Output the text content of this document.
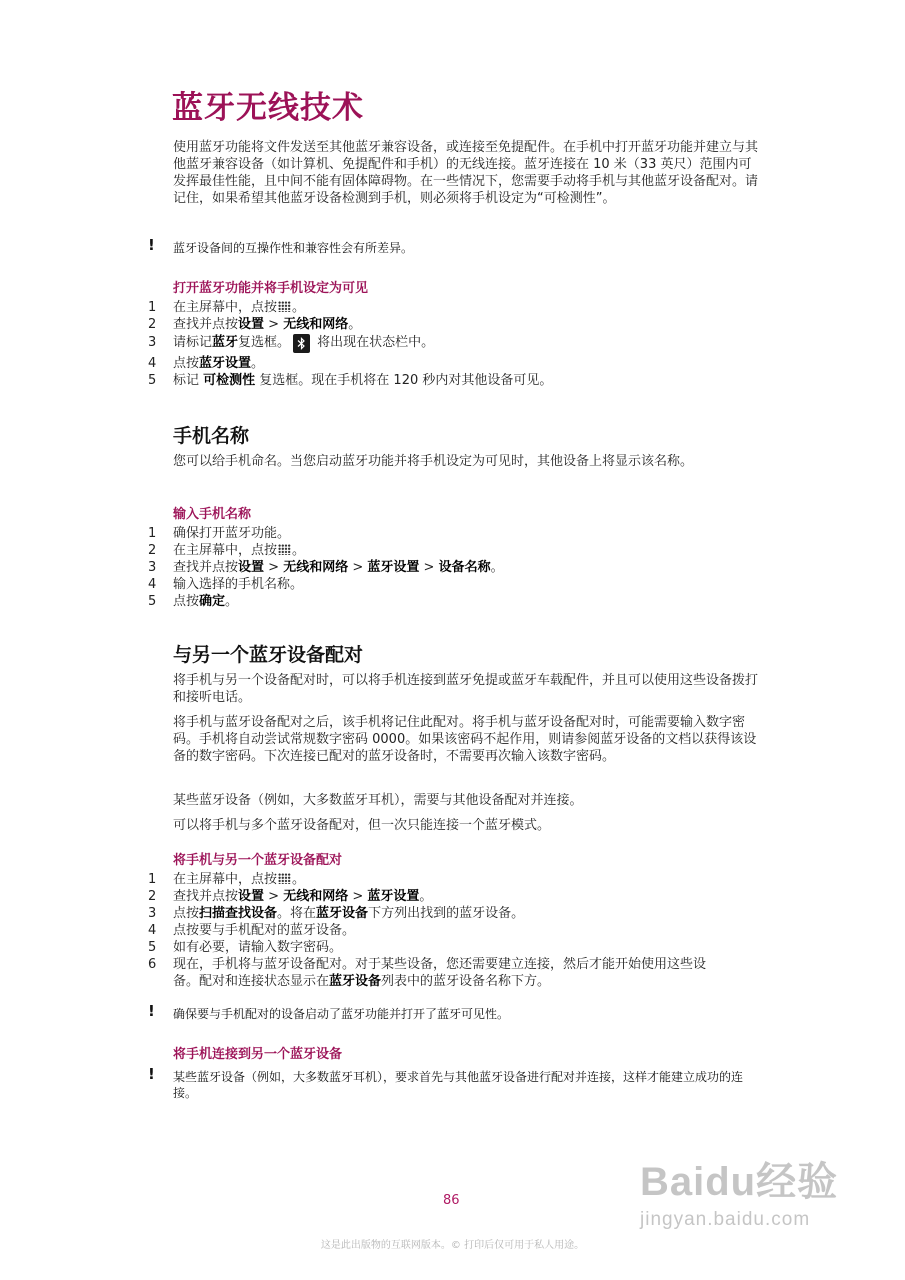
蓝牙无线技术
使用蓝牙功能将文件发送至其他蓝牙兼容设备，或连接至免提配件。在手机中打开蓝牙功能并建立与其他蓝牙兼容设备（如计算机、免提配件和手机）的无线连接。蓝牙连接在 10 米（33 英尺）范围内可发挥最佳性能，且中间不能有固体障碍物。在一些情况下，您需要手动将手机与其他蓝牙设备配对。请记住，如果希望其他蓝牙设备检测到手机，则必须将手机设定为“可检测性”。
! 蓝牙设备间的互操作性和兼容性会有所差异。
打开蓝牙功能并将手机设定为可见
1	在主屏幕中，点按 。
2	查找并点按设置 > 无线和网络。
3	请标记蓝牙复选框。
将出现在状态栏中。
4	点按蓝牙设置。
5	标记 可检测性 复选框。现在手机将在 120 秒内对其他设备可见。
手机名称
您可以给手机命名。当您启动蓝牙功能并将手机设定为可见时，其他设备上将显示该名称。
输入手机名称
1	确保打开蓝牙功能。
2	在主屏幕中，点按 。
3	查找并点按设置 > 无线和网络 > 蓝牙设置 > 设备名称。
4	输入选择的手机名称。
5	点按确定。
与另一个蓝牙设备配对
将手机与另一个设备配对时，可以将手机连接到蓝牙免提或蓝牙车载配件，并且可以使用这些设备拨打和接听电话。
将手机与蓝牙设备配对之后，该手机将记住此配对。将手机与蓝牙设备配对时，可能需要输入数字密码。手机将自动尝试常规数字密码 0000。如果该密码不起作用，则请参阅蓝牙设备的文档以获得该设备的数字密码。下次连接已配对的蓝牙设备时，不需要再次输入该数字密码。
某些蓝牙设备（例如，大多数蓝牙耳机），需要与其他设备配对并连接。
可以将手机与多个蓝牙设备配对，但一次只能连接一个蓝牙模式。
将手机与另一个蓝牙设备配对
1	在主屏幕中，点按 。
2	查找并点按设置 > 无线和网络 > 蓝牙设置。
3	点按扫描查找设备。将在蓝牙设备下方列出找到的蓝牙设备。
4	点按要与手机配对的蓝牙设备。
5	如有必要，请输入数字密码。
6	现在，手机将与蓝牙设备配对。对于某些设备，您还需要建立连接，然后才能开始使用这些设备。配对和连接状态显示在蓝牙设备列表中的蓝牙设备名称下方。
! 确保要与手机配对的设备启动了蓝牙功能并打开了蓝牙可见性。
将手机连接到另一个蓝牙设备
! 某些蓝牙设备（例如，大多数蓝牙耳机），要求首先与其他蓝牙设备进行配对并连接，这样才能建立成功的连接。
Baidu经验
jingyan.baidu.com
86
这是此出版物的互联网版本。© 打印后仅可用于私人用途。
